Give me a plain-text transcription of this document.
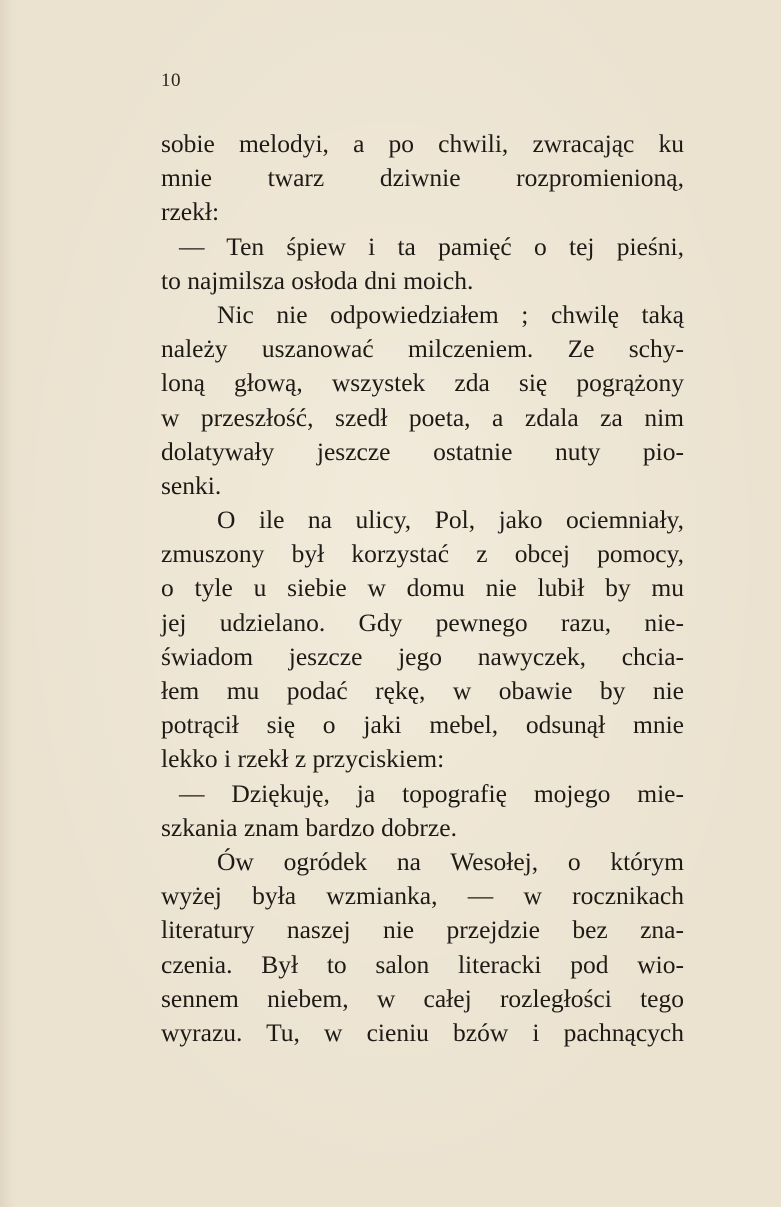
10
sobie melodyi, a po chwili, zwracając ku
mnie twarz dziwnie rozpromienioną,
rzekł:
— Ten śpiew i ta pamięć o tej pieśni,
to najmilsza osłoda dni moich.
Nic nie odpowiedziałem ; chwilę taką
należy uszanować milczeniem. Ze schy-
loną głową, wszystek zda się pogrążony
w przeszłość, szedł poeta, a zdala za nim
dolatywały jeszcze ostatnie nuty pio-
senki.
O ile na ulicy, Pol, jako ociemniały,
zmuszony był korzystać z obcej pomocy,
o tyle u siebie w domu nie lubił by mu
jej udzielano. Gdy pewnego razu, nie-
świadom jeszcze jego nawyczek, chcia-
łem mu podać rękę, w obawie by nie
potrącił się o jaki mebel, odsunął mnie
lekko i rzekł z przyciskiem:
— Dziękuję, ja topografię mojego mie-
szkania znam bardzo dobrze.
Ów ogródek na Wesołej, o którym
wyżej była wzmianka, — w rocznikach
literatury naszej nie przejdzie bez zna-
czenia. Był to salon literacki pod wio-
sennem niebem, w całej rozległości tego
wyrazu. Tu, w cieniu bzów i pachnących
